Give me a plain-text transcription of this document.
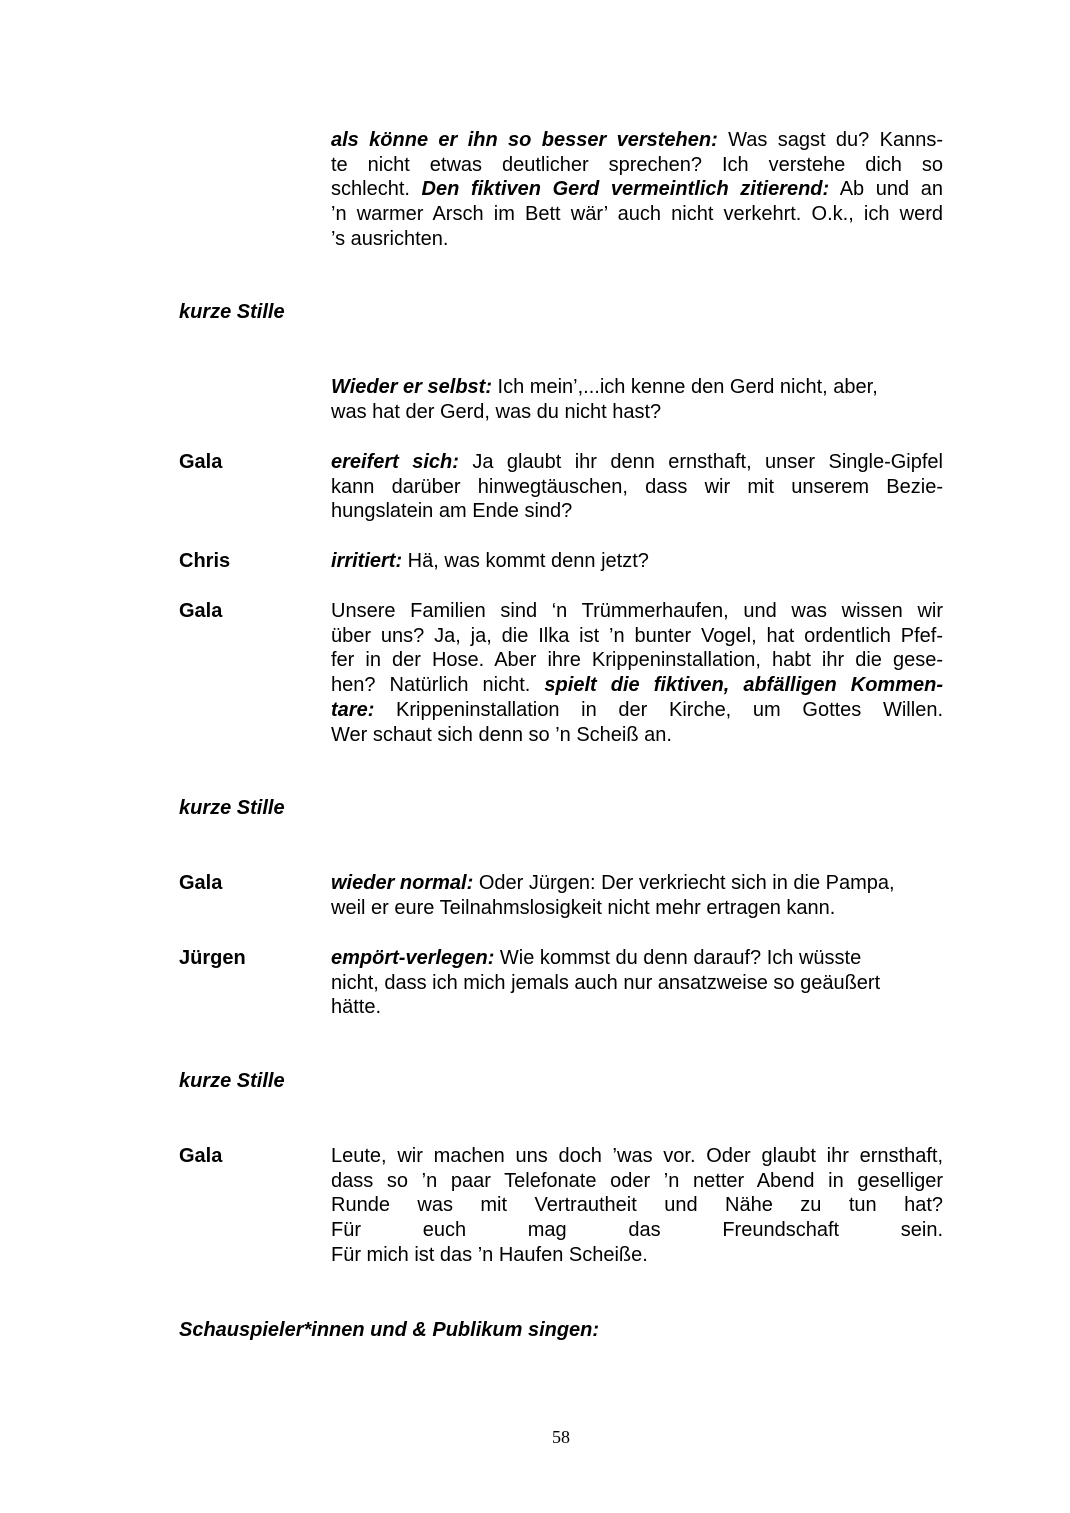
als könne er ihn so besser verstehen: Was sagst du? Kanns-
te nicht etwas deutlicher sprechen? Ich verstehe dich so
schlecht. Den fiktiven Gerd vermeintlich zitierend: Ab und an
’n warmer Arsch im Bett wär’ auch nicht verkehrt. O.k., ich werd
’s ausrichten.
kurze Stille
Wieder er selbst: Ich mein’,...ich kenne den Gerd nicht, aber,
was hat der Gerd, was du nicht hast?
Gala	ereifert sich: Ja glaubt ihr denn ernsthaft, unser Single-Gipfel
kann darüber hinwegtäuschen, dass wir mit unserem Bezie-
hungslatein am Ende sind?
Chris	irritiert: Hä, was kommt denn jetzt?
Gala	Unsere Familien sind ‘n Trümmerhaufen, und was wissen wir
über uns? Ja, ja, die Ilka ist ’n bunter Vogel, hat ordentlich Pfef-
fer in der Hose. Aber ihre Krippeninstallation, habt ihr die gese-
hen? Natürlich nicht. spielt die fiktiven, abfälligen Kommen-
tare: Krippeninstallation in der Kirche, um Gottes Willen.
Wer schaut sich denn so ’n Scheiß an.
kurze Stille
Gala	wieder normal: Oder Jürgen: Der verkriecht sich in die Pampa,
weil er eure Teilnahmslosigkeit nicht mehr ertragen kann.
Jürgen	empört-verlegen: Wie kommst du denn darauf? Ich wüsste
nicht, dass ich mich jemals auch nur ansatzweise so geäußert
hätte.
kurze Stille
Gala	Leute, wir machen uns doch ’was vor. Oder glaubt ihr ernsthaft,
dass so ’n paar Telefonate oder ’n netter Abend in geselliger
Runde was mit Vertrautheit und Nähe zu tun hat?
Für euch mag das Freundschaft sein.
Für mich ist das ’n Haufen Scheiße.
Schauspieler*innen und & Publikum singen:
58
